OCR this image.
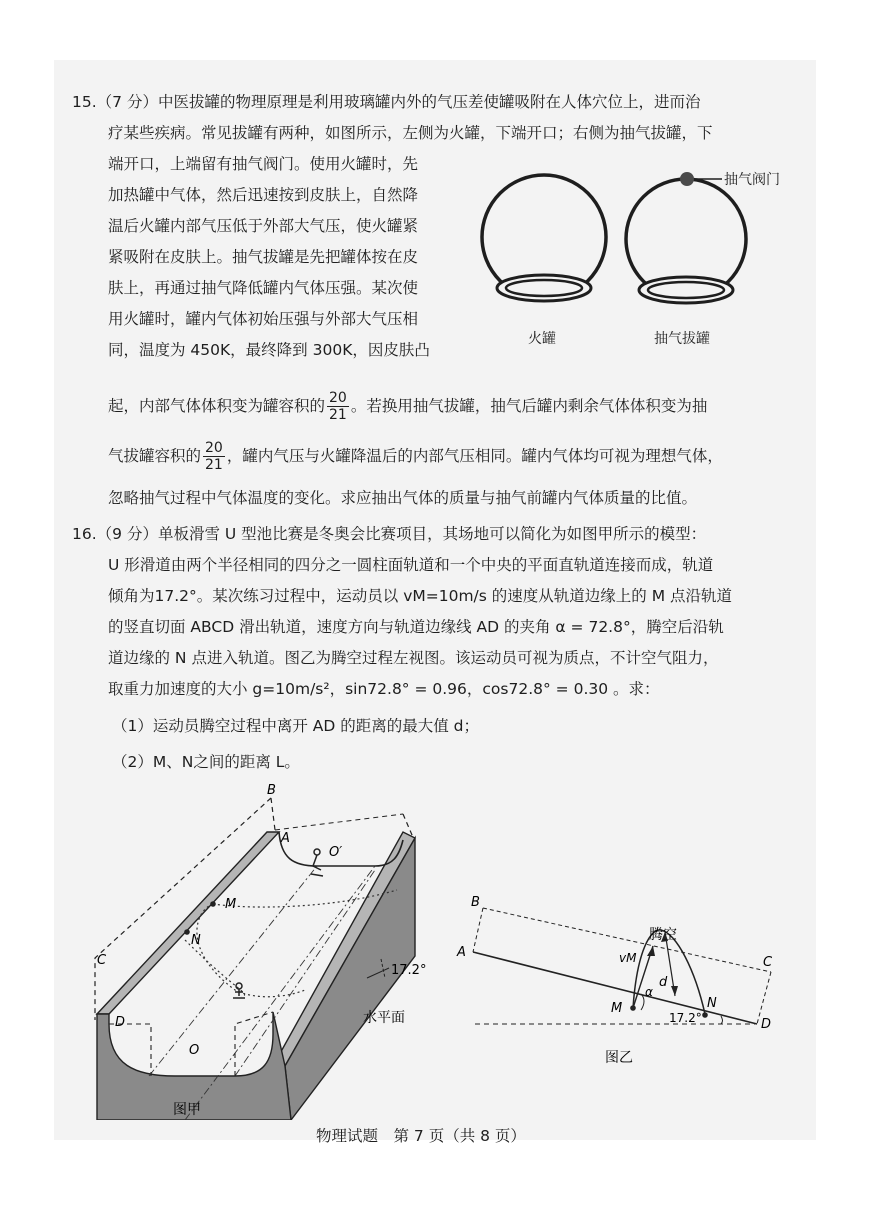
15.（7 分）中医拔罐的物理原理是利用玻璃罐内外的气压差使罐吸附在人体穴位上，进而治
疗某些疾病。常见拔罐有两种，如图所示，左侧为火罐，下端开口；右侧为抽气拔罐，下
端开口，上端留有抽气阀门。使用火罐时，先
加热罐中气体，然后迅速按到皮肤上，自然降
温后火罐内部气压低于外部大气压，使火罐紧
紧吸附在皮肤上。抽气拔罐是先把罐体按在皮
肤上，再通过抽气降低罐内气体压强。某次使
用火罐时，罐内气体初始压强与外部大气压相
同，温度为 450K，最终降到 300K，因皮肤凸
起，内部气体体积变为罐容积的 $\frac{20}{21}$ 。若换用抽气拔罐，抽气后罐内剩余气体体积变为抽
气拔罐容积的 $\frac{20}{21}$ ，罐内气压与火罐降温后的内部气压相同。罐内气体均可视为理想气体，
忽略抽气过程中气体温度的变化。求应抽出气体的质量与抽气前罐内气体质量的比值。
抽气阀门
火罐	抽气拔罐
16.（9 分）单板滑雪 U 型池比赛是冬奥会比赛项目，其场地可以简化为如图甲所示的模型：
U 形滑道由两个半径相同的四分之一圆柱面轨道和一个中央的平面直轨道连接而成，轨道
倾角为17.2°。某次练习过程中，运动员以 vM=10m/s 的速度从轨道边缘上的 M 点沿轨道
的竖直切面 ABCD 滑出轨道，速度方向与轨道边缘线 AD 的夹角 α = 72.8°，腾空后沿轨
道边缘的 N 点进入轨道。图乙为腾空过程左视图。该运动员可视为质点，不计空气阻力，
取重力加速度的大小 g=10m/s²，sin72.8° = 0.96，cos72.8° = 0.30 。求：
（1）运动员腾空过程中离开 AD 的距离的最大值 d；
（2）M、N之间的距离 L。
B
A
O′
M
N
C
D
O
17.2°
水平面
图甲
B
A
C
D
M	N
腾空
vM
α
d
17.2°
图乙
物理试题　第 7 页（共 8 页）
